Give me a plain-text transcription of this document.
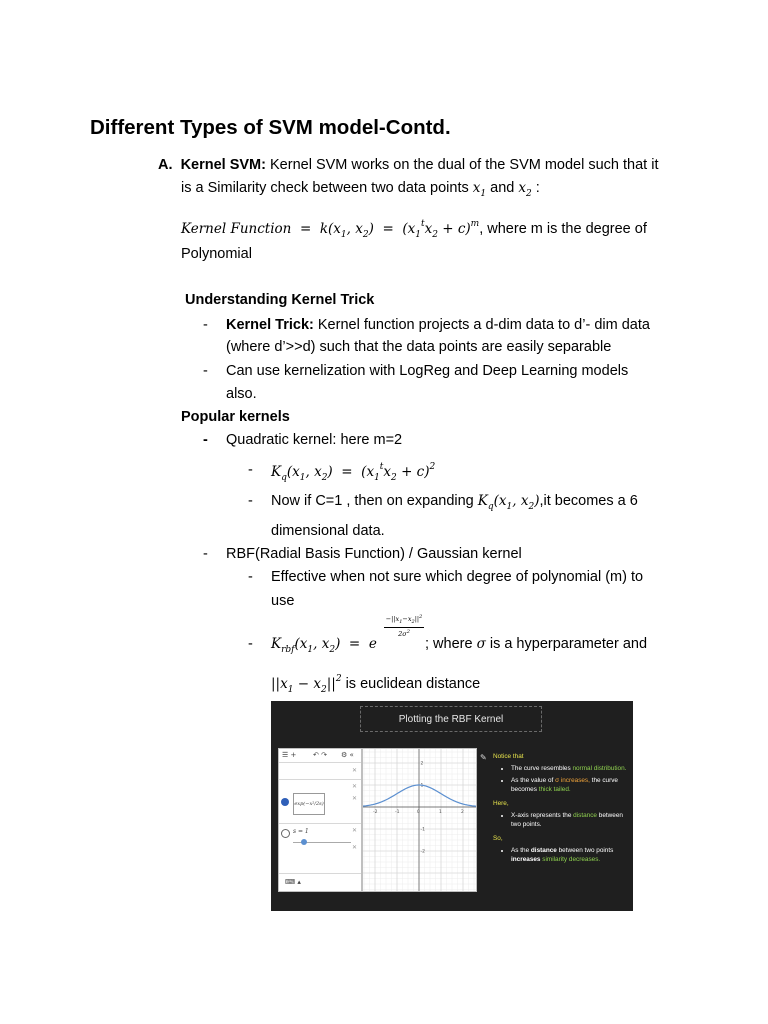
Different Types of SVM model-Contd.
A. Kernel SVM: Kernel SVM works on the dual of the SVM model such that it
is a Similarity check between two data points $x_1$ and $x_2$ :
Kernel Function  =  $k(x_1$, $x_2) = (x_1^tx_2 + c)^m$, where m is the degree of
Polynomial
Understanding Kernel Trick
- Kernel Trick: Kernel function projects a d-dim data to d’- dim data
(where d’>>d) such that the data points are easily separable
- Can use kernelization with LogReg and Deep Learning models
also.
Popular kernels
- Quadratic kernel: here m=2
- $K_q(x_1$, $x_2) = (x_1^tx_2 + c)^2$
- Now if C=1 , then on expanding $K_q(x_1$, $x_2),it$ becomes a 6
dimensional data.
- RBF(Radial Basis Function) / Gaussian kernel
- Effective when not sure which degree of polynomial (m) to
use
- $K_{rbf}(x_1$, $x_2) = e$
$-||x_1-x_2||^2$
$2\sigma^2$
; where σ is a hyperparameter and
$||x_1 - x_2||^2$ is euclidean distance
Plotting the RBF Kernel
☰ + ↶ ↷ ⚙ «
✕
✕
exp(−x²/2s)
✕
s = 1	✕
✕
⌨ ▴
-2	-1	0	1	2
2
1
-1
-2
✎ Notice that
• The curve resembles normal distribution.
• As the value of σ increases, the curve becomes thick tailed.
Here,
• X-axis represents the distance between two points.
So,
• As the distance between two points increases similarity decreases.
